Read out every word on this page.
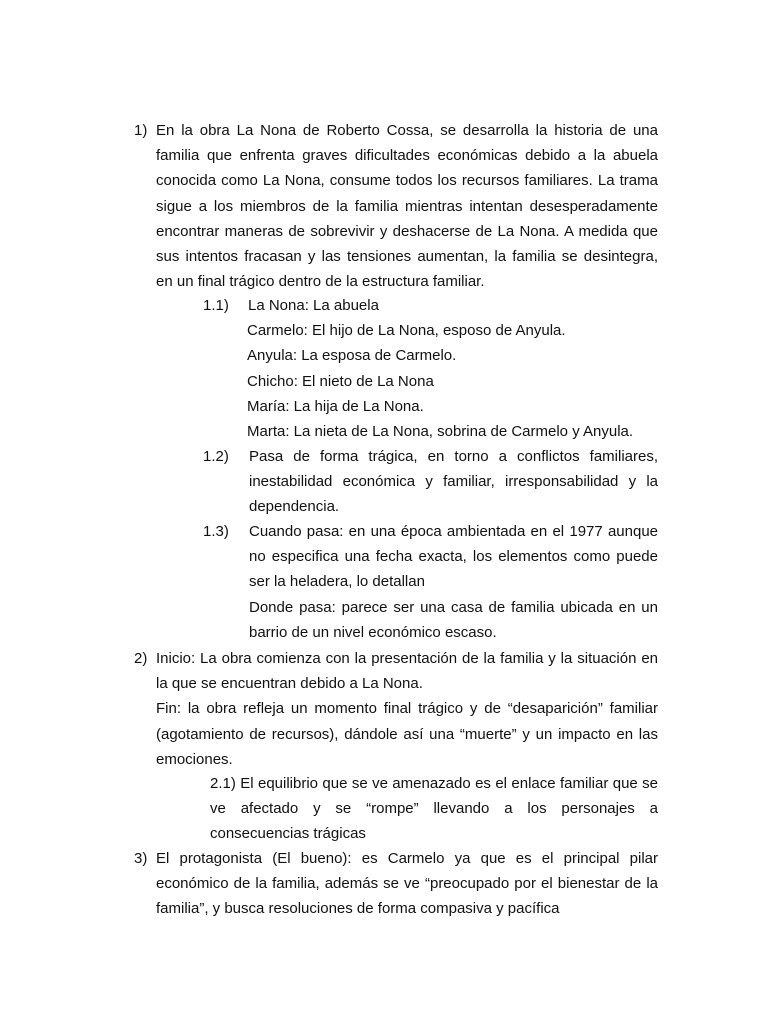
1) En la obra La Nona de Roberto Cossa, se desarrolla la historia de una familia que enfrenta graves dificultades económicas debido a la abuela conocida como La Nona, consume todos los recursos familiares. La trama sigue a los miembros de la familia mientras intentan desesperadamente encontrar maneras de sobrevivir y deshacerse de La Nona. A medida que sus intentos fracasan y las tensiones aumentan, la familia se desintegra, en un final trágico dentro de la estructura familiar.

1.1) La Nona: La abuela
Carmelo: El hijo de La Nona, esposo de Anyula.
Anyula: La esposa de Carmelo.
Chicho: El nieto de La Nona
María: La hija de La Nona.
Marta: La nieta de La Nona, sobrina de Carmelo y Anyula.
1.2) Pasa de forma trágica, en torno a conflictos familiares, inestabilidad económica y familiar, irresponsabilidad y la dependencia.

1.3) Cuando pasa: en una época ambientada en el 1977 aunque no especifica una fecha exacta, los elementos como puede ser la heladera, lo detallan

Donde pasa: parece ser una casa de familia ubicada en un barrio de un nivel económico escaso.

2) Inicio: La obra comienza con la presentación de la familia y la situación en la que se encuentran debido a La Nona.

Fin: la obra refleja un momento final trágico y de “desaparición” familiar (agotamiento de recursos), dándole así una “muerte” y un impacto en las emociones.

2.1) El equilibrio que se ve amenazado es el enlace familiar que se ve afectado y se “rompe” llevando a los personajes a consecuencias trágicas

3) El protagonista (El bueno): es Carmelo ya que es el principal pilar económico de la familia, además se ve “preocupado por el bienestar de la familia”, y busca resoluciones de forma compasiva y pacífica
